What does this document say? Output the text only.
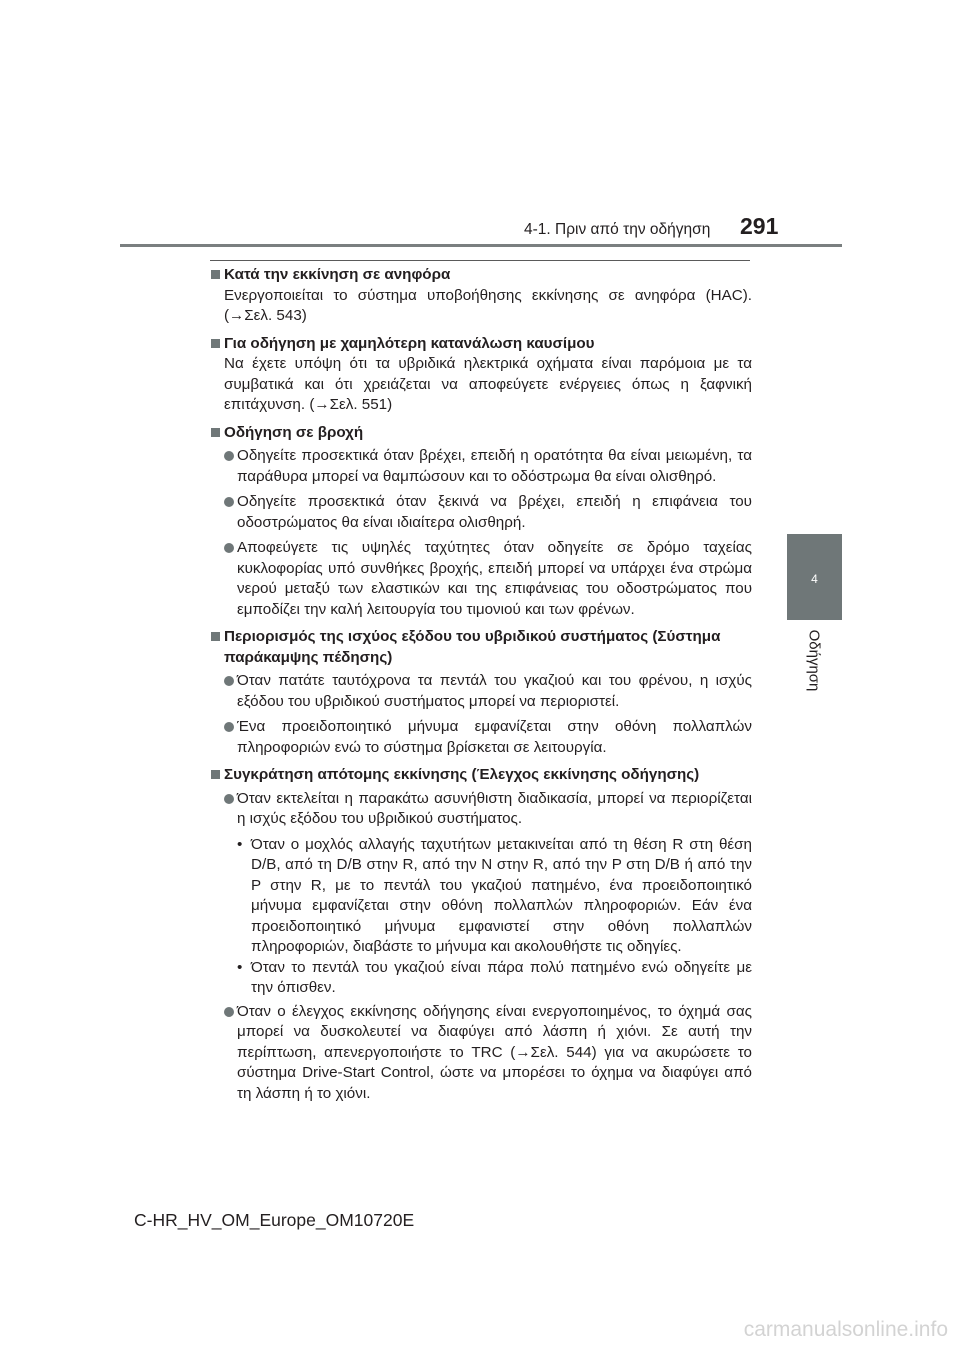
4-1. Πριν από την οδήγηση 291
4
Οδήγηση
Κατά την εκκίνηση σε ανηφόρα
Ενεργοποιείται το σύστημα υποβοήθησης εκκίνησης σε ανηφόρα (HAC). (→Σελ. 543)
Για οδήγηση με χαμηλότερη κατανάλωση καυσίμου
Να έχετε υπόψη ότι τα υβριδικά ηλεκτρικά οχήματα είναι παρόμοια με τα συμβατικά και ότι χρειάζεται να αποφεύγετε ενέργειες όπως η ξαφνική επιτάχυνση. (→Σελ. 551)
Οδήγηση σε βροχή
Οδηγείτε προσεκτικά όταν βρέχει, επειδή η ορατότητα θα είναι μειωμένη, τα παράθυρα μπορεί να θαμπώσουν και το οδόστρωμα θα είναι ολισθηρό.
Οδηγείτε προσεκτικά όταν ξεκινά να βρέχει, επειδή η επιφάνεια του οδοστρώματος θα είναι ιδιαίτερα ολισθηρή.
Αποφεύγετε τις υψηλές ταχύτητες όταν οδηγείτε σε δρόμο ταχείας κυκλοφορίας υπό συνθήκες βροχής, επειδή μπορεί να υπάρχει ένα στρώμα νερού μεταξύ των ελαστικών και της επιφάνειας του οδοστρώματος που εμποδίζει την καλή λειτουργία του τιμονιού και των φρένων.
Περιορισμός της ισχύος εξόδου του υβριδικού συστήματος (Σύστημα παράκαμψης πέδησης)
Όταν πατάτε ταυτόχρονα τα πεντάλ του γκαζιού και του φρένου, η ισχύς εξόδου του υβριδικού συστήματος μπορεί να περιοριστεί.
Ένα προειδοποιητικό μήνυμα εμφανίζεται στην οθόνη πολλαπλών πληροφοριών ενώ το σύστημα βρίσκεται σε λειτουργία.
Συγκράτηση απότομης εκκίνησης (Έλεγχος εκκίνησης οδήγησης)
Όταν εκτελείται η παρακάτω ασυνήθιστη διαδικασία, μπορεί να περιορίζεται η ισχύς εξόδου του υβριδικού συστήματος.
• Όταν ο μοχλός αλλαγής ταχυτήτων μετακινείται από τη θέση R στη θέση D/B, από τη D/B στην R, από την N στην R, από την P στη D/B ή από την P στην R, με το πεντάλ του γκαζιού πατημένο, ένα προειδοποιητικό μήνυμα εμφανίζεται στην οθόνη πολλαπλών πληροφοριών. Εάν ένα προειδοποιητικό μήνυμα εμφανιστεί στην οθόνη πολλαπλών πληροφοριών, διαβάστε το μήνυμα και ακολουθήστε τις οδηγίες.
• Όταν το πεντάλ του γκαζιού είναι πάρα πολύ πατημένο ενώ οδηγείτε με την όπισθεν.
Όταν ο έλεγχος εκκίνησης οδήγησης είναι ενεργοποιημένος, το όχημά σας μπορεί να δυσκολευτεί να διαφύγει από λάσπη ή χιόνι. Σε αυτή την περίπτωση, απενεργοποιήστε το TRC (→Σελ. 544) για να ακυρώσετε το σύστημα Drive-Start Control, ώστε να μπορέσει το όχημα να διαφύγει από τη λάσπη ή το χιόνι.
C-HR_HV_OM_Europe_OM10720E
carmanualsonline.info
